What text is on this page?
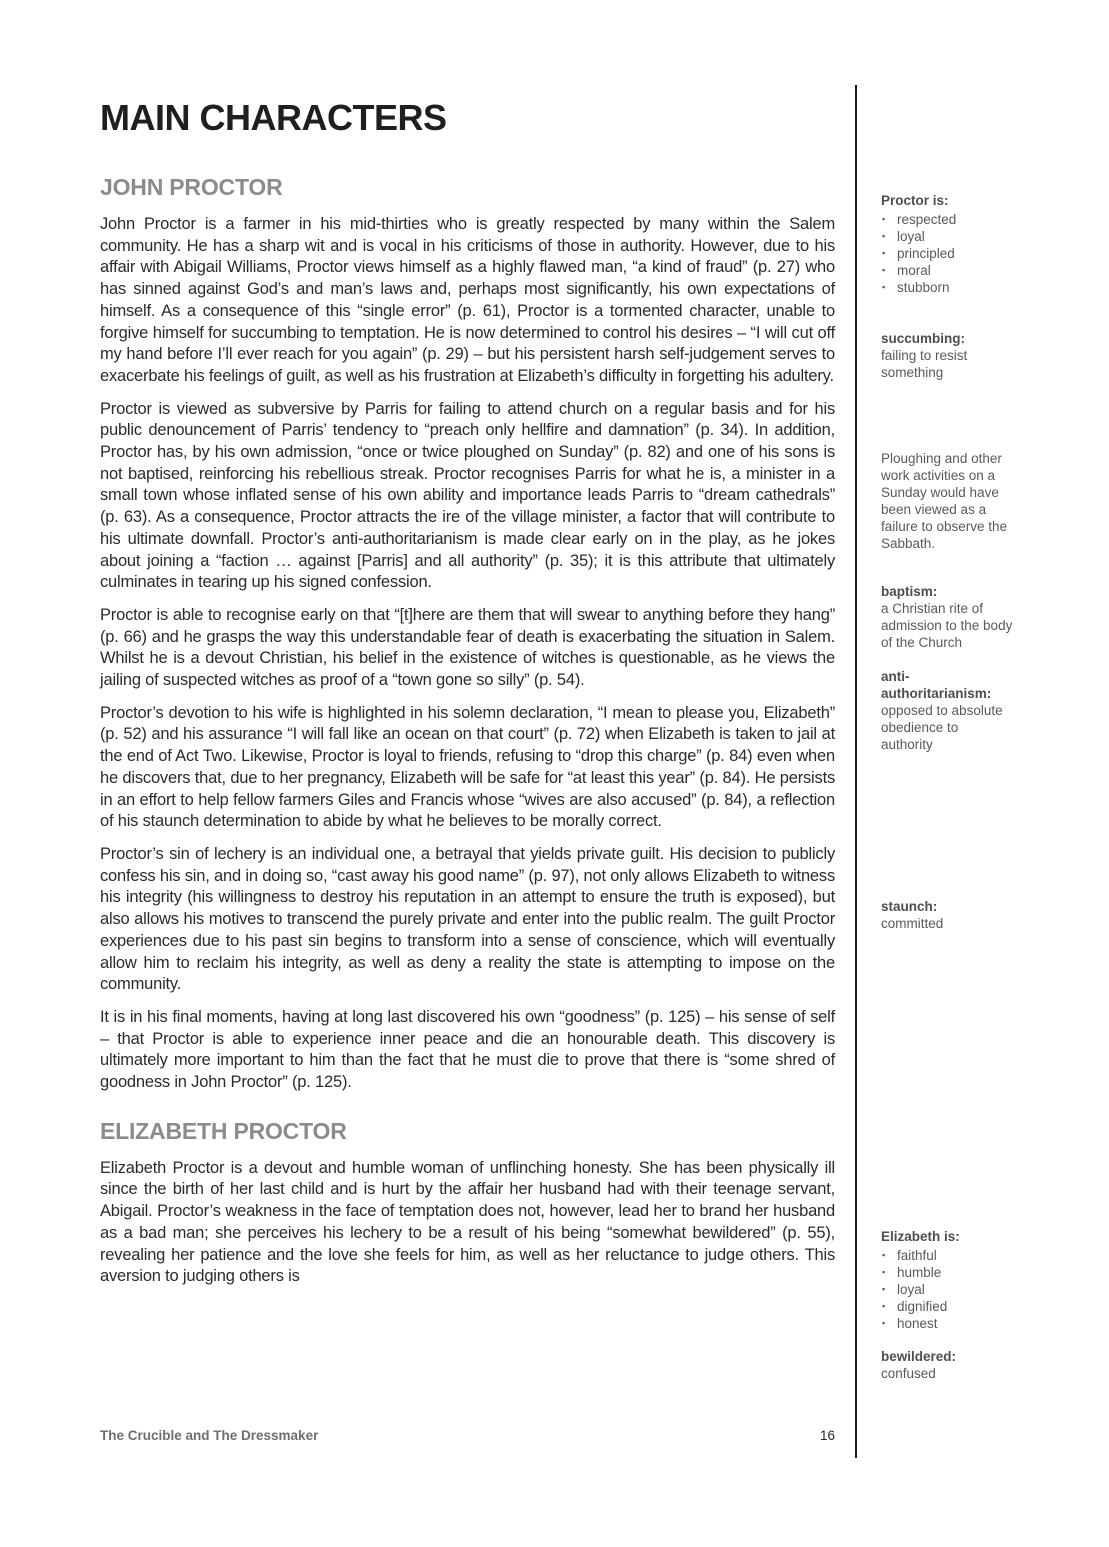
MAIN CHARACTERS
JOHN PROCTOR

John Proctor is a farmer in his mid-thirties who is greatly respected by many within the Salem community. He has a sharp wit and is vocal in his criticisms of those in authority. However, due to his affair with Abigail Williams, Proctor views himself as a highly flawed man, “a kind of fraud” (p. 27) who has sinned against God’s and man’s laws and, perhaps most significantly, his own expectations of himself. As a consequence of this “single error” (p. 61), Proctor is a tormented character, unable to forgive himself for succumbing to temptation. He is now determined to control his desires – “I will cut off my hand before I’ll ever reach for you again” (p. 29) – but his persistent harsh self-judgement serves to exacerbate his feelings of guilt, as well as his frustration at Elizabeth’s difficulty in forgetting his adultery.

Proctor is viewed as subversive by Parris for failing to attend church on a regular basis and for his public denouncement of Parris’ tendency to “preach only hellfire and damnation” (p. 34). In addition, Proctor has, by his own admission, “once or twice ploughed on Sunday” (p. 82) and one of his sons is not baptised, reinforcing his rebellious streak. Proctor recognises Parris for what he is, a minister in a small town whose inflated sense of his own ability and importance leads Parris to “dream cathedrals” (p. 63). As a consequence, Proctor attracts the ire of the village minister, a factor that will contribute to his ultimate downfall. Proctor’s anti-authoritarianism is made clear early on in the play, as he jokes about joining a “faction … against [Parris] and all authority” (p. 35); it is this attribute that ultimately culminates in tearing up his signed confession.

Proctor is able to recognise early on that “[t]here are them that will swear to anything before they hang” (p. 66) and he grasps the way this understandable fear of death is exacerbating the situation in Salem. Whilst he is a devout Christian, his belief in the existence of witches is questionable, as he views the jailing of suspected witches as proof of a “town gone so silly” (p. 54).

Proctor’s devotion to his wife is highlighted in his solemn declaration, “I mean to please you, Elizabeth” (p. 52) and his assurance “I will fall like an ocean on that court” (p. 72) when Elizabeth is taken to jail at the end of Act Two. Likewise, Proctor is loyal to friends, refusing to “drop this charge” (p. 84) even when he discovers that, due to her pregnancy, Elizabeth will be safe for “at least this year” (p. 84). He persists in an effort to help fellow farmers Giles and Francis whose “wives are also accused” (p. 84), a reflection of his staunch determination to abide by what he believes to be morally correct.

Proctor’s sin of lechery is an individual one, a betrayal that yields private guilt. His decision to publicly confess his sin, and in doing so, “cast away his good name” (p. 97), not only allows Elizabeth to witness his integrity (his willingness to destroy his reputation in an attempt to ensure the truth is exposed), but also allows his motives to transcend the purely private and enter into the public realm. The guilt Proctor experiences due to his past sin begins to transform into a sense of conscience, which will eventually allow him to reclaim his integrity, as well as deny a reality the state is attempting to impose on the community.

It is in his final moments, having at long last discovered his own “goodness” (p. 125) – his sense of self – that Proctor is able to experience inner peace and die an honourable death. This discovery is ultimately more important to him than the fact that he must die to prove that there is “some shred of goodness in John Proctor” (p. 125).

ELIZABETH PROCTOR

Elizabeth Proctor is a devout and humble woman of unflinching honesty. She has been physically ill since the birth of her last child and is hurt by the affair her husband had with their teenage servant, Abigail. Proctor’s weakness in the face of temptation does not, however, lead her to brand her husband as a bad man; she perceives his lechery to be a result of his being “somewhat bewildered” (p. 55), revealing her patience and the love she feels for him, as well as her reluctance to judge others. This aversion to judging others is

Proctor is:
▪ respected
▪ loyal
▪ principled
▪ moral
▪ stubborn
succumbing:
failing to resist something
Ploughing and other work activities on a Sunday would have been viewed as a failure to observe the Sabbath.
baptism:
a Christian rite of admission to the body of the Church
anti-authoritarianism:
opposed to absolute obedience to authority
staunch:
committed
Elizabeth is:
▪ faithful
▪ humble
▪ loyal
▪ dignified
▪ honest
bewildered:
confused
The Crucible and The Dressmaker	16
